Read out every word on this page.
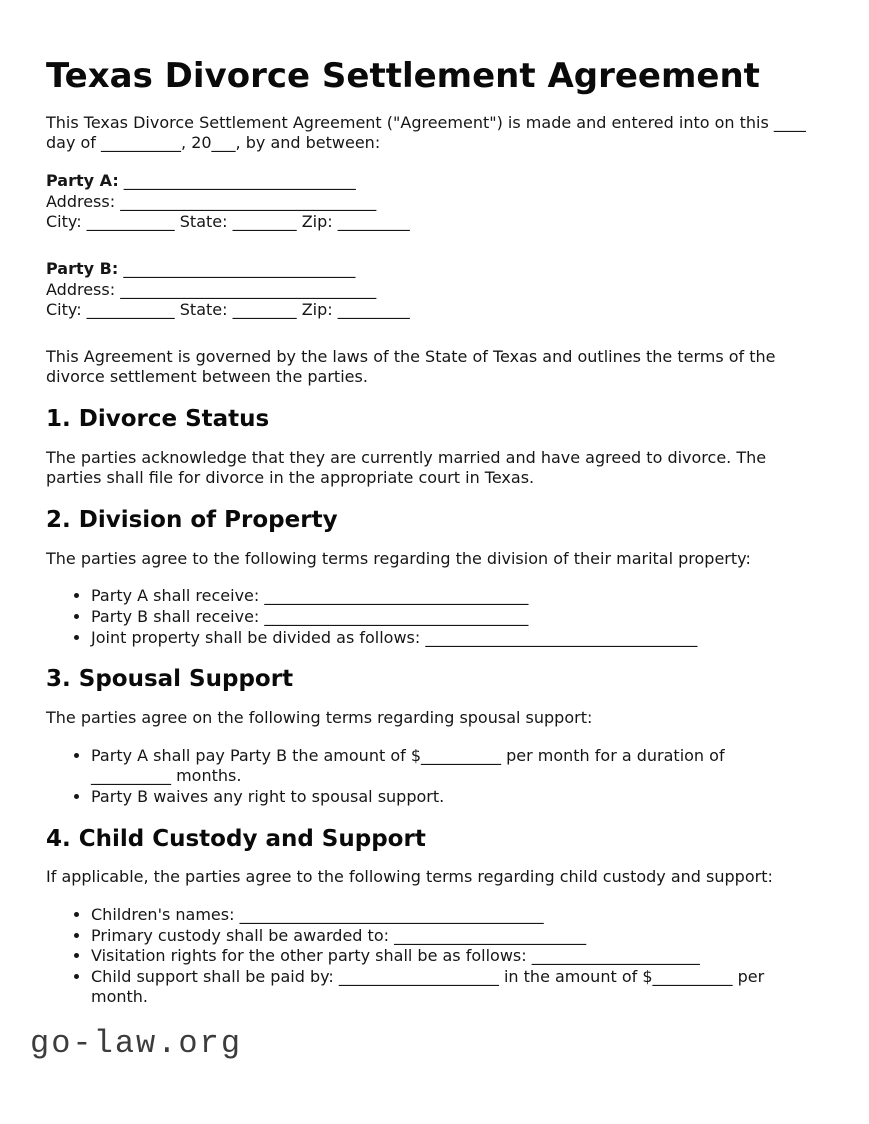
Texas Divorce Settlement Agreement

This Texas Divorce Settlement Agreement ("Agreement") is made and entered into on this ____ day of __________, 20___, by and between:

Party A: _____________________________

Address: ________________________________

City: ___________ State: ________ Zip: _________

Party B: _____________________________

Address: ________________________________

City: ___________ State: ________ Zip: _________

This Agreement is governed by the laws of the State of Texas and outlines the terms of the divorce settlement between the parties.

1. Divorce Status

The parties acknowledge that they are currently married and have agreed to divorce. The parties shall file for divorce in the appropriate court in Texas.

2. Division of Property

The parties agree to the following terms regarding the division of their marital property:

• Party A shall receive: _________________________________
• Party B shall receive: _________________________________
• Joint property shall be divided as follows: __________________________________
3. Spousal Support

The parties agree on the following terms regarding spousal support:

• Party A shall pay Party B the amount of $__________ per month for a duration of __________ months.
• Party B waives any right to spousal support.
4. Child Custody and Support

If applicable, the parties agree to the following terms regarding child custody and support:

• Children's names: ______________________________________
• Primary custody shall be awarded to: ________________________
• Visitation rights for the other party shall be as follows: _____________________
• Child support shall be paid by: ____________________ in the amount of $__________ per month.
go-law.org
